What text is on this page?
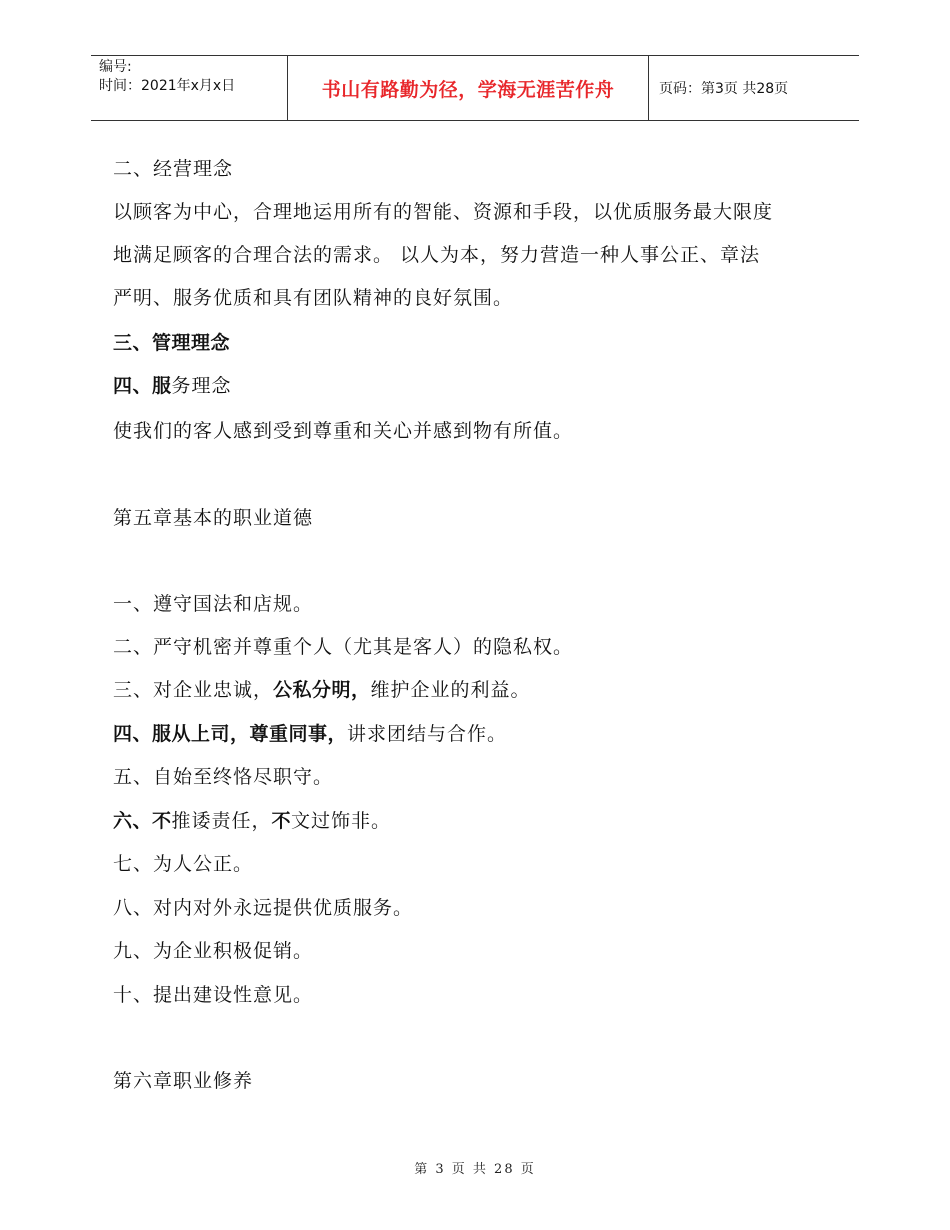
编号:
时间：2021年x月x日	书山有路勤为径，学海无涯苦作舟	页码：第3页 共28页
二、经营理念
以顾客为中心，合理地运用所有的智能、资源和手段，以优质服务最大限度
地满足顾客的合理合法的需求。 以人为本，努力营造一种人事公正、章法
严明、服务优质和具有团队精神的良好氛围。
三、管理理念
四、服务理念
使我们的客人感到受到尊重和关心并感到物有所值。
第五章基本的职业道德
一、遵守国法和店规。
二、严守机密并尊重个人（尤其是客人）的隐私权。
三、对企业忠诚，公私分明，维护企业的利益。
四、服从上司，尊重同事，讲求团结与合作。
五、自始至终恪尽职守。
六、不推诿责任，不文过饰非。
七、为人公正。
八、对内对外永远提供优质服务。
九、为企业积极促销。
十、提出建设性意见。
第六章职业修养
第 3 页 共 28 页
